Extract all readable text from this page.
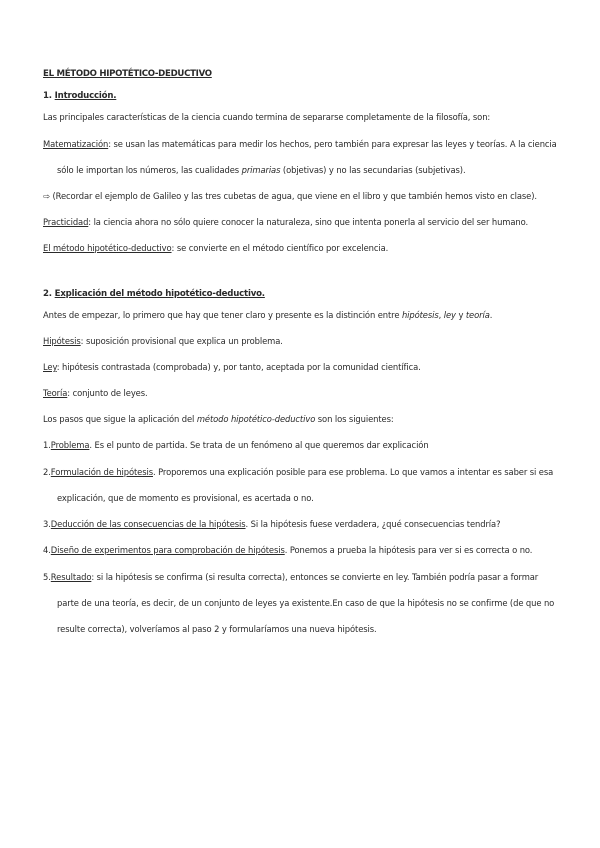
EL MÉTODO HIPOTÉTICO-DEDUCTIVO
1. Introducción.
Las principales características de la ciencia cuando termina de separarse completamente de la filosofía, son:
Matematización: se usan las matemáticas para medir los hechos, pero también para expresar las leyes y teorías. A la ciencia
sólo le importan los números, las cualidades primarias (objetivas) y no las secundarias (subjetivas).
⇨ (Recordar el ejemplo de Galileo y las tres cubetas de agua, que viene en el libro y que también hemos visto en clase).
Practicidad: la ciencia ahora no sólo quiere conocer la naturaleza, sino que intenta ponerla al servicio del ser humano.
El método hipotético-deductivo: se convierte en el método científico por excelencia.
2. Explicación del método hipotético-deductivo.
Antes de empezar, lo primero que hay que tener claro y presente es la distinción entre hipótesis, ley y teoría.
Hipótesis: suposición provisional que explica un problema.
Ley: hipótesis contrastada (comprobada) y, por tanto, aceptada por la comunidad científica.
Teoría: conjunto de leyes.
Los pasos que sigue la aplicación del método hipotético-deductivo son los siguientes:
1.Problema. Es el punto de partida. Se trata de un fenómeno al que queremos dar explicación
2.Formulación de hipótesis. Proporemos una explicación posible para ese problema. Lo que vamos a intentar es saber si esa
explicación, que de momento es provisional, es acertada o no.
3.Deducción de las consecuencias de la hipótesis. Si la hipótesis fuese verdadera, ¿qué consecuencias tendría?
4.Diseño de experimentos para comprobación de hipótesis. Ponemos a prueba la hipótesis para ver si es correcta o no.
5.Resultado: si la hipótesis se confirma (si resulta correcta), entonces se convierte en ley. También podría pasar a formar
parte de una teoría, es decir, de un conjunto de leyes ya existente.En caso de que la hipótesis no se confirme (de que no
resulte correcta), volveríamos al paso 2 y formularíamos una nueva hipótesis.
